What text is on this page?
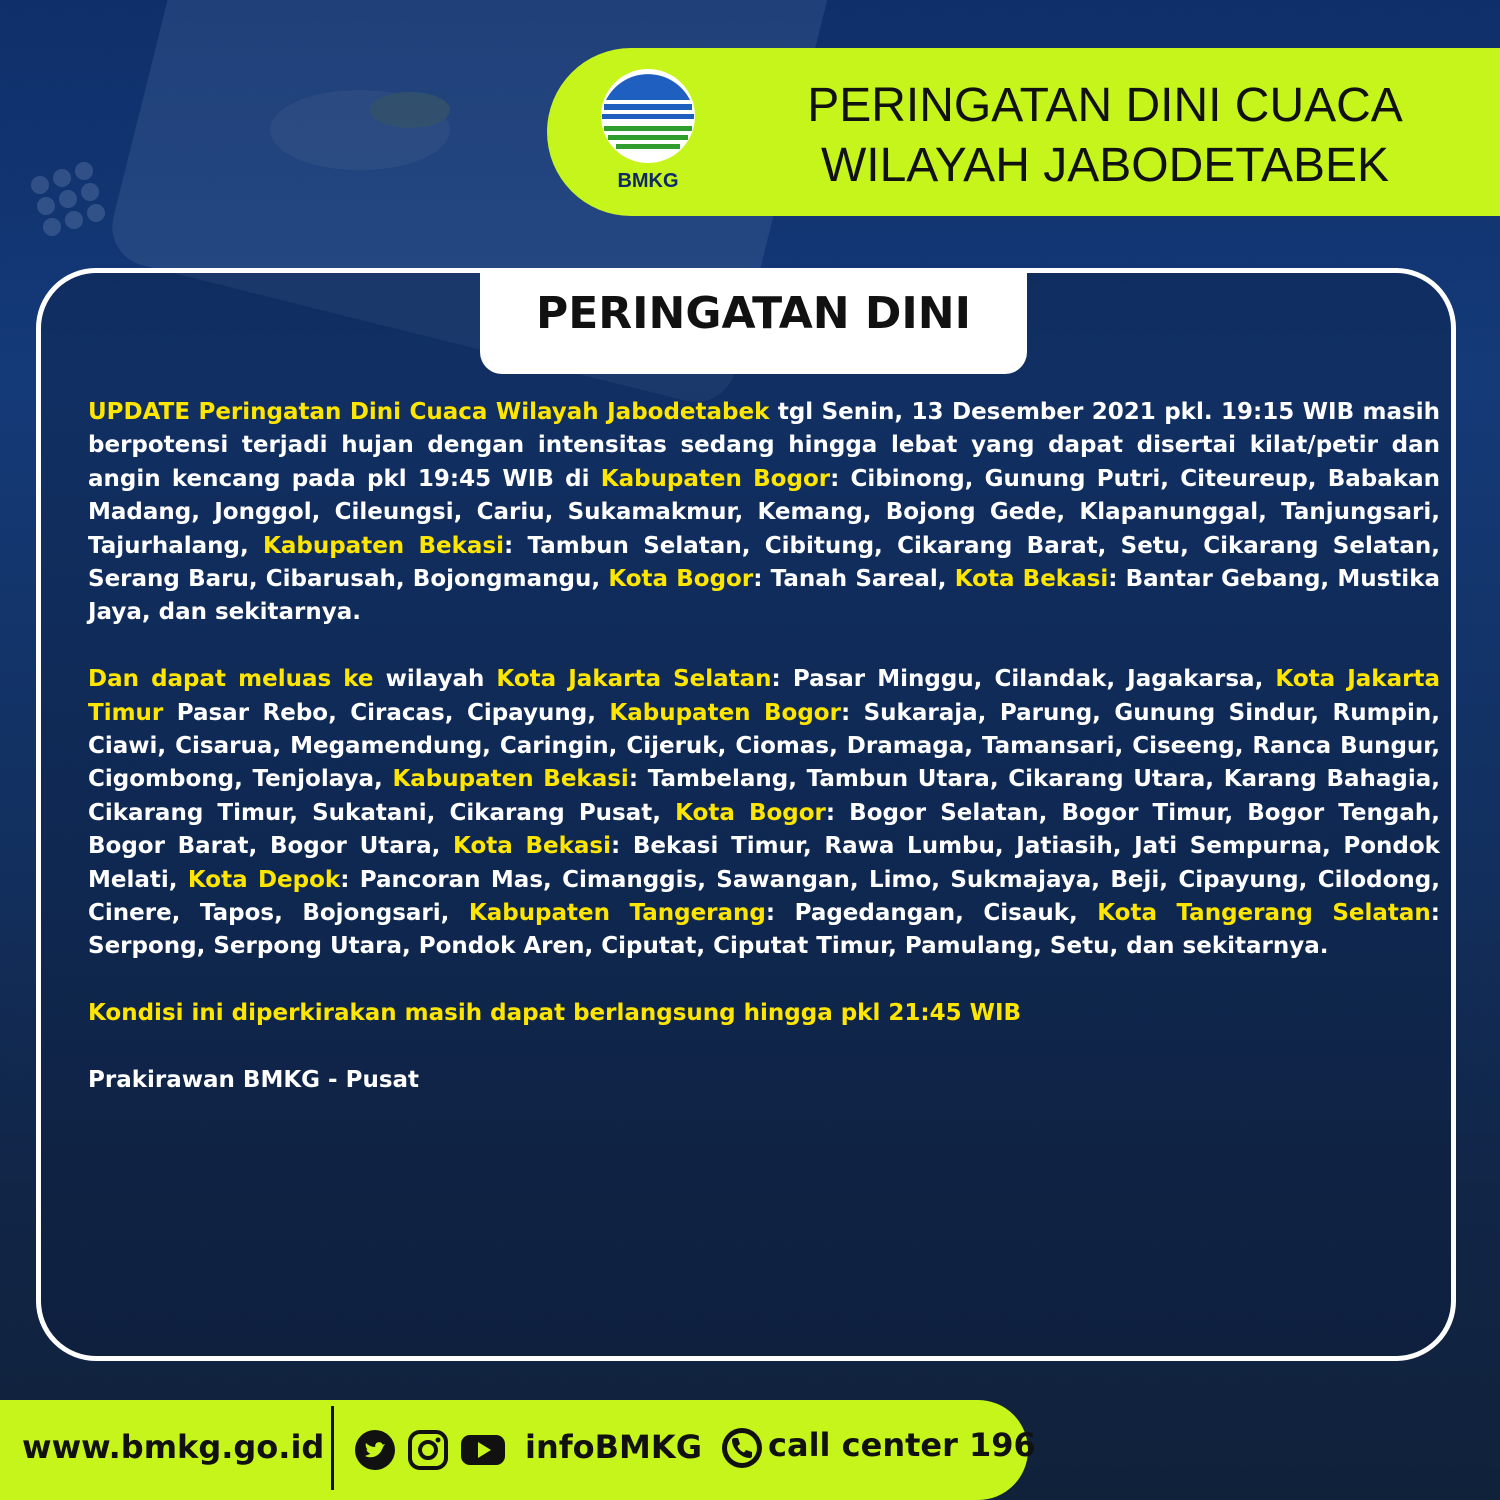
BMKG
PERINGATAN DINI CUACA
WILAYAH JABODETABEK
PERINGATAN DINI

UPDATE Peringatan Dini Cuaca Wilayah Jabodetabek tgl Senin, 13 Desember 2021 pkl. 19:15 WIB masih berpotensi terjadi hujan dengan intensitas sedang hingga lebat yang dapat disertai kilat/petir dan angin kencang pada pkl 19:45 WIB di Kabupaten Bogor: Cibinong, Gunung Putri, Citeureup, Babakan Madang, Jonggol, Cileungsi, Cariu, Sukamakmur, Kemang, Bojong Gede, Klapanunggal, Tanjungsari, Tajurhalang, Kabupaten Bekasi: Tambun Selatan, Cibitung, Cikarang Barat, Setu, Cikarang Selatan, Serang Baru, Cibarusah, Bojongmangu, Kota Bogor: Tanah Sareal, Kota Bekasi: Bantar Gebang, Mustika Jaya, dan sekitarnya.

Dan dapat meluas ke wilayah Kota Jakarta Selatan: Pasar Minggu, Cilandak, Jagakarsa, Kota Jakarta Timur Pasar Rebo, Ciracas, Cipayung, Kabupaten Bogor: Sukaraja, Parung, Gunung Sindur, Rumpin, Ciawi, Cisarua, Megamendung, Caringin, Cijeruk, Ciomas, Dramaga, Tamansari, Ciseeng, Ranca Bungur, Cigombong, Tenjolaya, Kabupaten Bekasi: Tambelang, Tambun Utara, Cikarang Utara, Karang Bahagia, Cikarang Timur, Sukatani, Cikarang Pusat, Kota Bogor: Bogor Selatan, Bogor Timur, Bogor Tengah, Bogor Barat, Bogor Utara, Kota Bekasi: Bekasi Timur, Rawa Lumbu, Jatiasih, Jati Sempurna, Pondok Melati, Kota Depok: Pancoran Mas, Cimanggis, Sawangan, Limo, Sukmajaya, Beji, Cipayung, Cilodong, Cinere, Tapos, Bojongsari, Kabupaten Tangerang: Pagedangan, Cisauk, Kota Tangerang Selatan: Serpong, Serpong Utara, Pondok Aren, Ciputat, Ciputat Timur, Pamulang, Setu, dan sekitarnya.

Kondisi ini diperkirakan masih dapat berlangsung hingga pkl 21:45 WIB

Prakirawan BMKG - Pusat

www.bmkg.go.id	infoBMKG call center 196
